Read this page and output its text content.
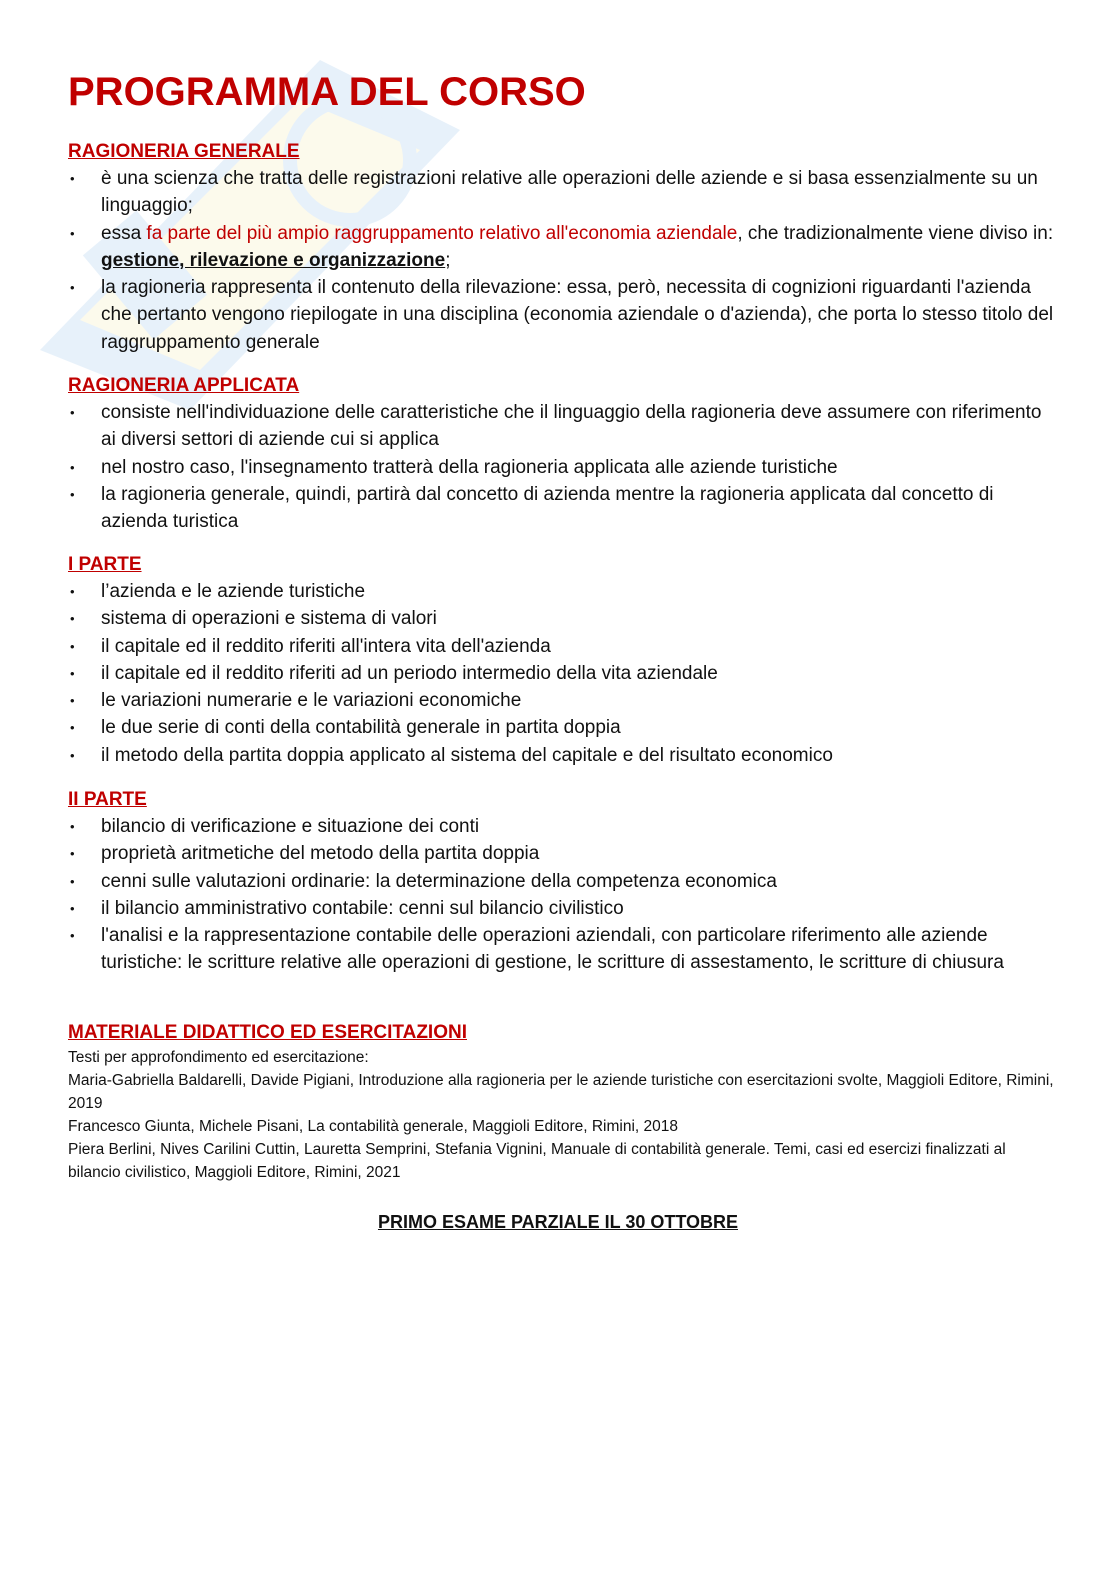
PROGRAMMA DEL CORSO
RAGIONERIA GENERALE
• è una scienza che tratta delle registrazioni relative alle operazioni delle aziende e si basa essenzialmente su un linguaggio;
• essa fa parte del più ampio raggruppamento relativo all'economia aziendale, che tradizionalmente viene diviso in: gestione, rilevazione e organizzazione;
• la ragioneria rappresenta il contenuto della rilevazione: essa, però, necessita di cognizioni riguardanti l'azienda che pertanto vengono riepilogate in una disciplina (economia aziendale o d'azienda), che porta lo stesso titolo del raggruppamento generale
RAGIONERIA APPLICATA
• consiste nell'individuazione delle caratteristiche che il linguaggio della ragioneria deve assumere con riferimento ai diversi settori di aziende cui si applica
• nel nostro caso, l'insegnamento tratterà della ragioneria applicata alle aziende turistiche
• la ragioneria generale, quindi, partirà dal concetto di azienda mentre la ragioneria applicata dal concetto di azienda turistica
I PARTE
• l’azienda e le aziende turistiche
• sistema di operazioni e sistema di valori
• il capitale ed il reddito riferiti all'intera vita dell'azienda
• il capitale ed il reddito riferiti ad un periodo intermedio della vita aziendale
• le variazioni numerarie e le variazioni economiche
• le due serie di conti della contabilità generale in partita doppia
• il metodo della partita doppia applicato al sistema del capitale e del risultato economico
II PARTE
• bilancio di verificazione e situazione dei conti
• proprietà aritmetiche del metodo della partita doppia
• cenni sulle valutazioni ordinarie: la determinazione della competenza economica
• il bilancio amministrativo contabile: cenni sul bilancio civilistico
• l'analisi e la rappresentazione contabile delle operazioni aziendali, con particolare riferimento alle aziende turistiche: le scritture relative alle operazioni di gestione, le scritture di assestamento, le scritture di chiusura
MATERIALE DIDATTICO ED ESERCITAZIONI

Testi per approfondimento ed esercitazione:

Maria-Gabriella Baldarelli, Davide Pigiani, Introduzione alla ragioneria per le aziende turistiche con esercitazioni svolte, Maggioli Editore, Rimini, 2019

Francesco Giunta, Michele Pisani, La contabilità generale, Maggioli Editore, Rimini, 2018

Piera Berlini, Nives Carilini Cuttin, Lauretta Semprini, Stefania Vignini, Manuale di contabilità generale. Temi, casi ed esercizi finalizzati al bilancio civilistico, Maggioli Editore, Rimini, 2021

PRIMO ESAME PARZIALE IL 30 OTTOBRE
